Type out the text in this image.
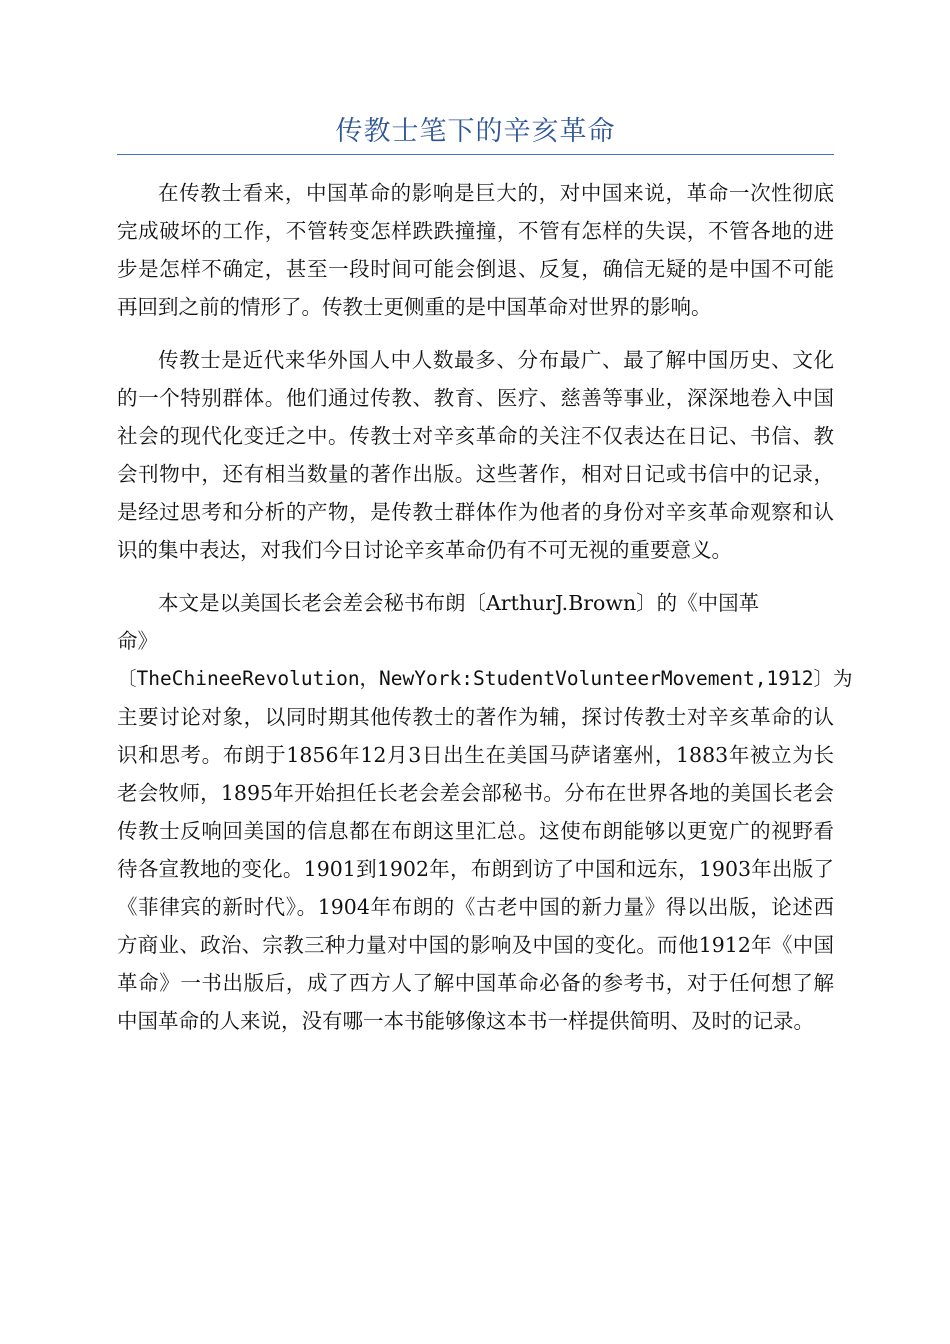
传教士笔下的辛亥革命

在传教士看来，中国革命的影响是巨大的，对中国来说，革命一次性彻底完成破坏的工作，不管转变怎样跌跌撞撞，不管有怎样的失误，不管各地的进步是怎样不确定，甚至一段时间可能会倒退、反复，确信无疑的是中国不可能再回到之前的情形了。传教士更侧重的是中国革命对世界的影响。

传教士是近代来华外国人中人数最多、分布最广、最了解中国历史、文化的一个特别群体。他们通过传教、教育、医疗、慈善等事业，深深地卷入中国社会的现代化变迁之中。传教士对辛亥革命的关注不仅表达在日记、书信、教会刊物中，还有相当数量的著作出版。这些著作，相对日记或书信中的记录，是经过思考和分析的产物，是传教士群体作为他者的身份对辛亥革命观察和认识的集中表达，对我们今日讨论辛亥革命仍有不可无视的重要意义。

本文是以美国长老会差会秘书布朗〔ArthurJ.Brown〕的《中国革
命》
〔TheChineeRevolution，NewYork:StudentVolunteerMovement,1912〕为
主要讨论对象，以同时期其他传教士的著作为辅，探讨传教士对辛亥革命的认识和思考。布朗于1856年12月3日出生在美国马萨诸塞州，1883年被立为长老会牧师，1895年开始担任长老会差会部秘书。分布在世界各地的美国长老会传教士反响回美国的信息都在布朗这里汇总。这使布朗能够以更宽广的视野看待各宣教地的变化。1901到1902年，布朗到访了中国和远东，1903年出版了《菲律宾的新时代》。1904年布朗的《古老中国的新力量》得以出版，论述西方商业、政治、宗教三种力量对中国的影响及中国的变化。而他1912年《中国革命》一书出版后，成了西方人了解中国革命必备的参考书，对于任何想了解中国革命的人来说，没有哪一本书能够像这本书一样提供简明、及时的记录。
